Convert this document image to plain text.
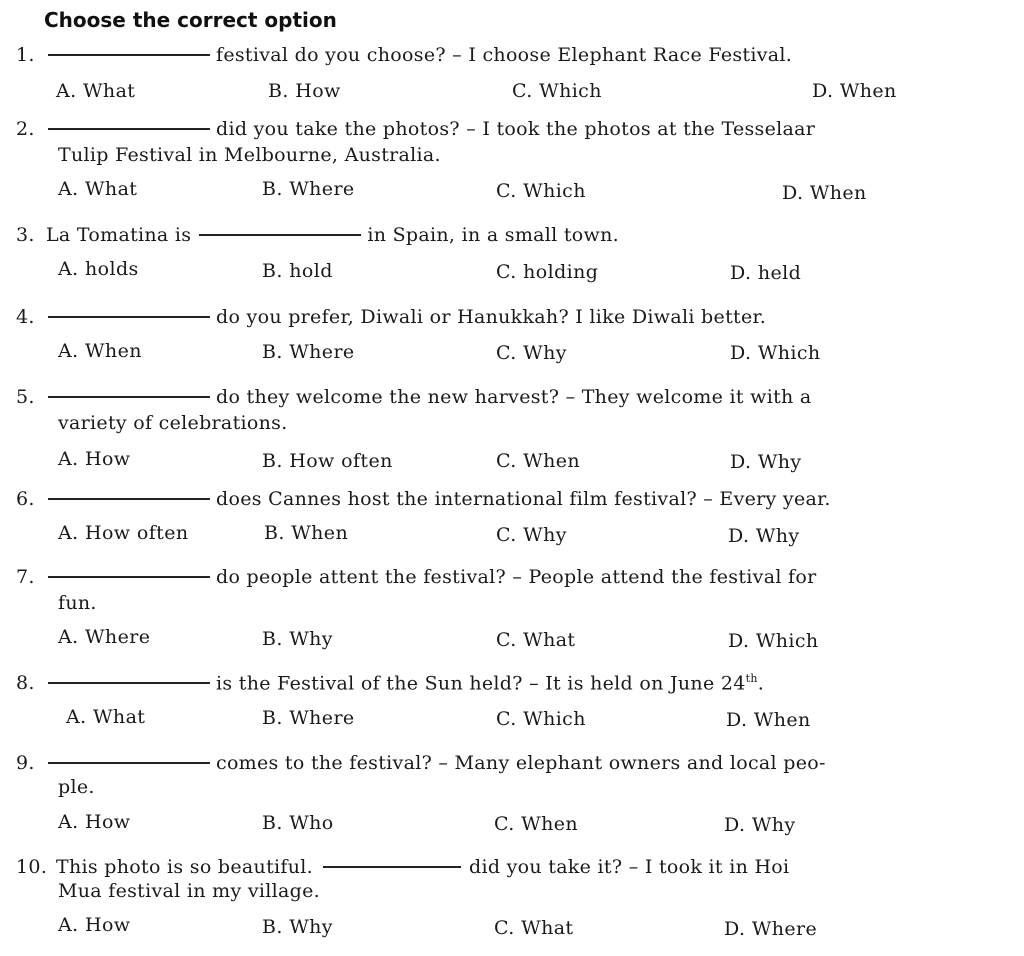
Choose the correct option
1.	festival do you choose? – I choose Elephant Race Festival.
A. What	B. How	C. Which	D. When
2.	did you take the photos? – I took the photos at the Tesselaar
Tulip Festival in Melbourne, Australia.
A. What	B. Where	C. Which	D. When
3. La Tomatina is	in Spain, in a small town.
A. holds	B. hold	C. holding	D. held
4.	do you prefer, Diwali or Hanukkah? I like Diwali better.
A. When	B. Where	C. Why	D. Which
5.	do they welcome the new harvest? – They welcome it with a
variety of celebrations.
A. How	B. How often	C. When	D. Why
6.	does Cannes host the international film festival? – Every year.
A. How often	B. When	C. Why	D. Why
7.	do people attent the festival? – People attend the festival for
fun.
A. Where	B. Why	C. What	D. Which
8.	is the Festival of the Sun held? – It is held on June 24th.
A. What	B. Where	C. Which	D. When
9.	comes to the festival? – Many elephant owners and local peo-
ple.
A. How	B. Who	C. When	D. Why
10. This photo is so beautiful.	did you take it? – I took it in Hoi
Mua festival in my village.
A. How	B. Why	C. What	D. Where
